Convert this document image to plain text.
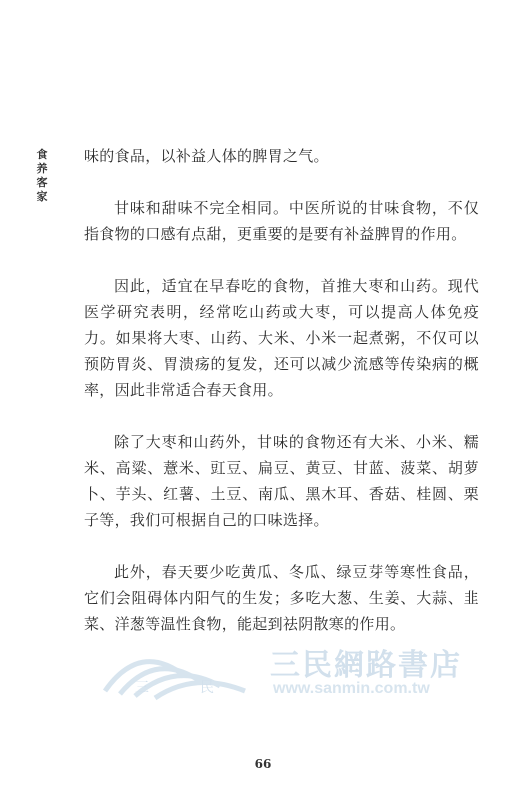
食养客家

味的食品，以补益人体的脾胃之气。

甘味和甜味不完全相同。中医所说的甘味食物，不仅指食物的口感有点甜，更重要的是要有补益脾胃的作用。

因此，适宜在早春吃的食物，首推大枣和山药。现代医学研究表明，经常吃山药或大枣，可以提高人体免疫力。如果将大枣、山药、大米、小米一起煮粥，不仅可以预防胃炎、胃溃疡的复发，还可以减少流感等传染病的概率，因此非常适合春天食用。

除了大枣和山药外，甘味的食物还有大米、小米、糯米、高粱、薏米、豇豆、扁豆、黄豆、甘蓝、菠菜、胡萝卜、芋头、红薯、土豆、南瓜、黑木耳、香菇、桂圆、栗子等，我们可根据自己的口味选择。

此外，春天要少吃黄瓜、冬瓜、绿豆芽等寒性食品，它们会阻碍体内阳气的生发；多吃大葱、生姜、大蒜、韭菜、洋葱等温性食物，能起到祛阴散寒的作用。

三	民
三民網路書店
www.sanmin.com.tw
66
